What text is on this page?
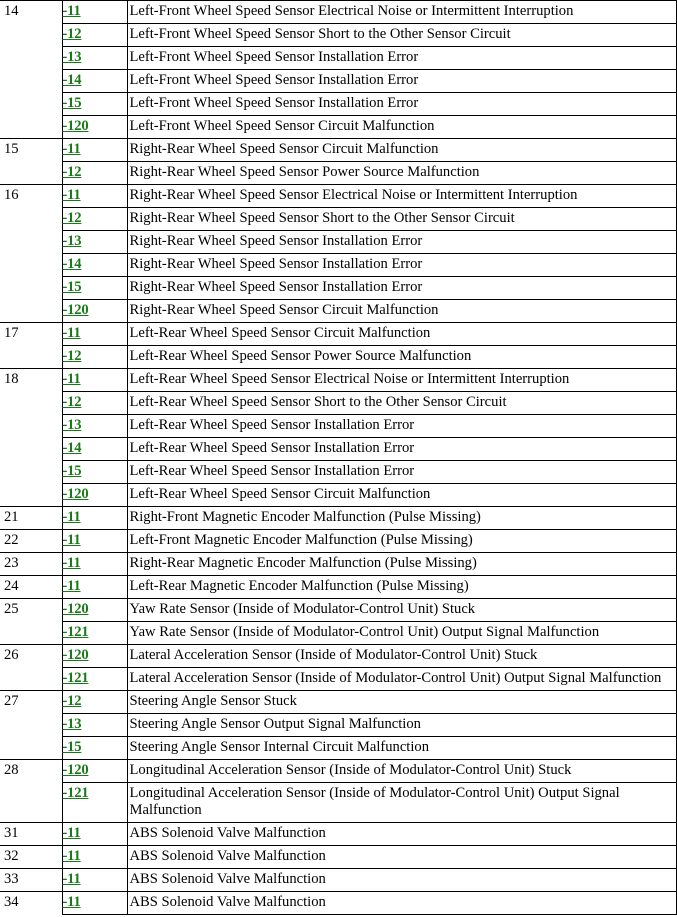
14	-11	Left-Front Wheel Speed Sensor Electrical Noise or Intermittent Interruption
	-12	Left-Front Wheel Speed Sensor Short to the Other Sensor Circuit
	-13	Left-Front Wheel Speed Sensor Installation Error
	-14	Left-Front Wheel Speed Sensor Installation Error
	-15	Left-Front Wheel Speed Sensor Installation Error
	-120	Left-Front Wheel Speed Sensor Circuit Malfunction
15	-11	Right-Rear Wheel Speed Sensor Circuit Malfunction
	-12	Right-Rear Wheel Speed Sensor Power Source Malfunction
16	-11	Right-Rear Wheel Speed Sensor Electrical Noise or Intermittent Interruption
	-12	Right-Rear Wheel Speed Sensor Short to the Other Sensor Circuit
	-13	Right-Rear Wheel Speed Sensor Installation Error
	-14	Right-Rear Wheel Speed Sensor Installation Error
	-15	Right-Rear Wheel Speed Sensor Installation Error
	-120	Right-Rear Wheel Speed Sensor Circuit Malfunction
17	-11	Left-Rear Wheel Speed Sensor Circuit Malfunction
	-12	Left-Rear Wheel Speed Sensor Power Source Malfunction
18	-11	Left-Rear Wheel Speed Sensor Electrical Noise or Intermittent Interruption
	-12	Left-Rear Wheel Speed Sensor Short to the Other Sensor Circuit
	-13	Left-Rear Wheel Speed Sensor Installation Error
	-14	Left-Rear Wheel Speed Sensor Installation Error
	-15	Left-Rear Wheel Speed Sensor Installation Error
	-120	Left-Rear Wheel Speed Sensor Circuit Malfunction
21	-11	Right-Front Magnetic Encoder Malfunction (Pulse Missing)
22	-11	Left-Front Magnetic Encoder Malfunction (Pulse Missing)
23	-11	Right-Rear Magnetic Encoder Malfunction (Pulse Missing)
24	-11	Left-Rear Magnetic Encoder Malfunction (Pulse Missing)
25	-120	Yaw Rate Sensor (Inside of Modulator-Control Unit) Stuck
	-121	Yaw Rate Sensor (Inside of Modulator-Control Unit) Output Signal Malfunction
26	-120	Lateral Acceleration Sensor (Inside of Modulator-Control Unit) Stuck
	-121	Lateral Acceleration Sensor (Inside of Modulator-Control Unit) Output Signal Malfunction
27	-12	Steering Angle Sensor Stuck
	-13	Steering Angle Sensor Output Signal Malfunction
	-15	Steering Angle Sensor Internal Circuit Malfunction
28	-120	Longitudinal Acceleration Sensor (Inside of Modulator-Control Unit) Stuck
	-121	Longitudinal Acceleration Sensor (Inside of Modulator-Control Unit) Output Signal Malfunction
31	-11	ABS Solenoid Valve Malfunction
32	-11	ABS Solenoid Valve Malfunction
33	-11	ABS Solenoid Valve Malfunction
34	-11	ABS Solenoid Valve Malfunction
